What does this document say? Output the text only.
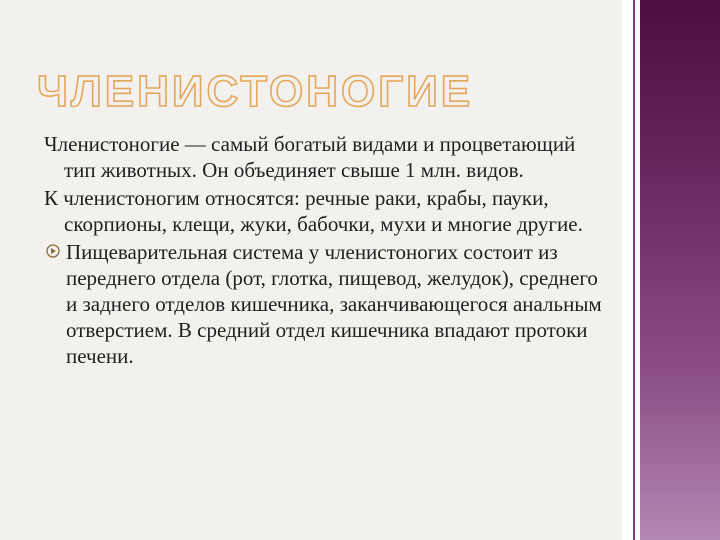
ЧЛЕНИСТОНОГИЕ

Членистоногие — самый богатый видами и процветающий тип животных. Он объединяет свыше 1 млн. видов.

К членистоногим относятся: речные раки, крабы, пауки, скорпионы, клещи, жуки, бабочки, мухи и многие другие.

Пищеварительная система у членистоногих состоит из переднего отдела (рот, глотка, пищевод, желудок), среднего и заднего отделов кишечника, заканчивающегося анальным отверстием. В средний отдел кишечника впадают протоки печени.
